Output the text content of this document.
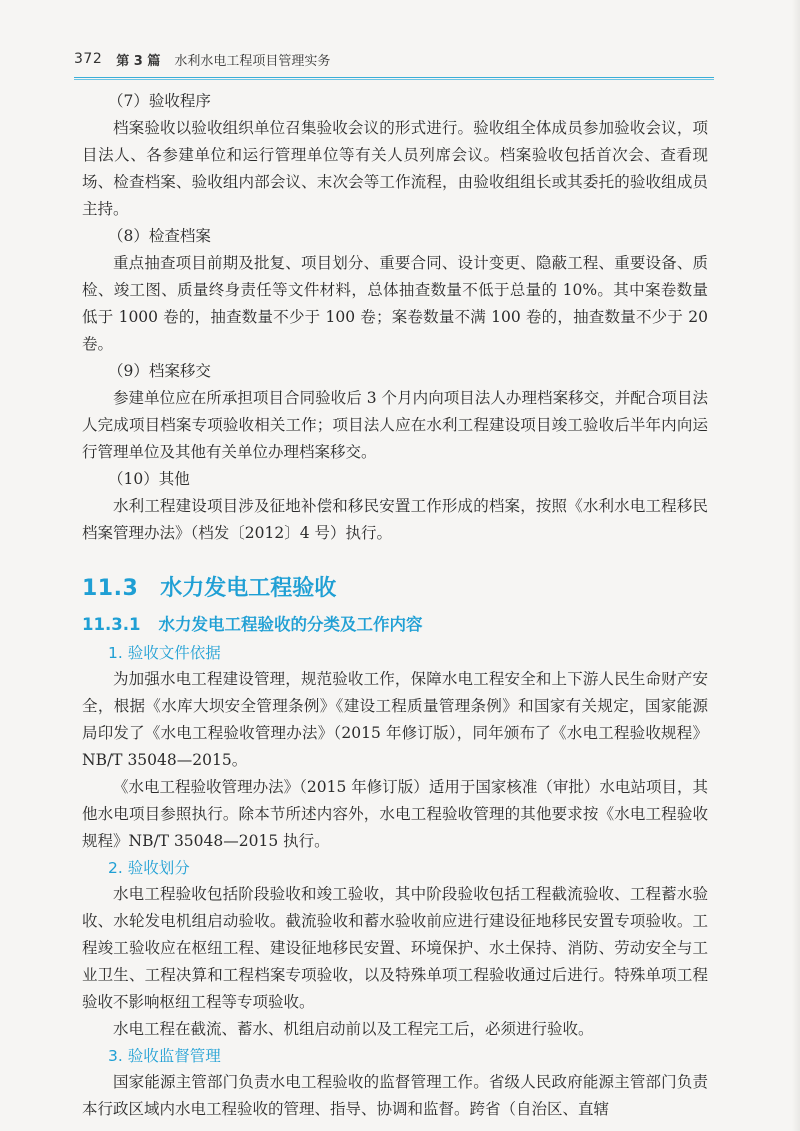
372 第 3 篇 水利水电工程项目管理实务
（7）验收程序

档案验收以验收组织单位召集验收会议的形式进行。验收组全体成员参加验收会议，项目法人、各参建单位和运行管理单位等有关人员列席会议。档案验收包括首次会、查看现场、检查档案、验收组内部会议、末次会等工作流程，由验收组组长或其委托的验收组成员主持。

（8）检查档案

重点抽查项目前期及批复、项目划分、重要合同、设计变更、隐蔽工程、重要设备、质检、竣工图、质量终身责任等文件材料，总体抽查数量不低于总量的 10%。其中案卷数量低于 1000 卷的，抽查数量不少于 100 卷；案卷数量不满 100 卷的，抽查数量不少于 20 卷。

（9）档案移交

参建单位应在所承担项目合同验收后 3 个月内向项目法人办理档案移交，并配合项目法人完成项目档案专项验收相关工作；项目法人应在水利工程建设项目竣工验收后半年内向运行管理单位及其他有关单位办理档案移交。

（10）其他

水利工程建设项目涉及征地补偿和移民安置工作形成的档案，按照《水利水电工程移民档案管理办法》（档发〔2012〕4 号）执行。

11.3 水力发电工程验收
11.3.1 水力发电工程验收的分类及工作内容
1. 验收文件依据

为加强水电工程建设管理，规范验收工作，保障水电工程安全和上下游人民生命财产安全，根据《水库大坝安全管理条例》《建设工程质量管理条例》和国家有关规定，国家能源局印发了《水电工程验收管理办法》（2015 年修订版），同年颁布了《水电工程验收规程》NB/T 35048—2015。

《水电工程验收管理办法》（2015 年修订版）适用于国家核准（审批）水电站项目，其他水电项目参照执行。除本节所述内容外，水电工程验收管理的其他要求按《水电工程验收规程》NB/T 35048—2015 执行。

2. 验收划分

水电工程验收包括阶段验收和竣工验收，其中阶段验收包括工程截流验收、工程蓄水验收、水轮发电机组启动验收。截流验收和蓄水验收前应进行建设征地移民安置专项验收。工程竣工验收应在枢纽工程、建设征地移民安置、环境保护、水土保持、消防、劳动安全与工业卫生、工程决算和工程档案专项验收，以及特殊单项工程验收通过后进行。特殊单项工程验收不影响枢纽工程等专项验收。

水电工程在截流、蓄水、机组启动前以及工程完工后，必须进行验收。

3. 验收监督管理

国家能源主管部门负责水电工程验收的监督管理工作。省级人民政府能源主管部门负责本行政区域内水电工程验收的管理、指导、协调和监督。跨省（自治区、直辖
